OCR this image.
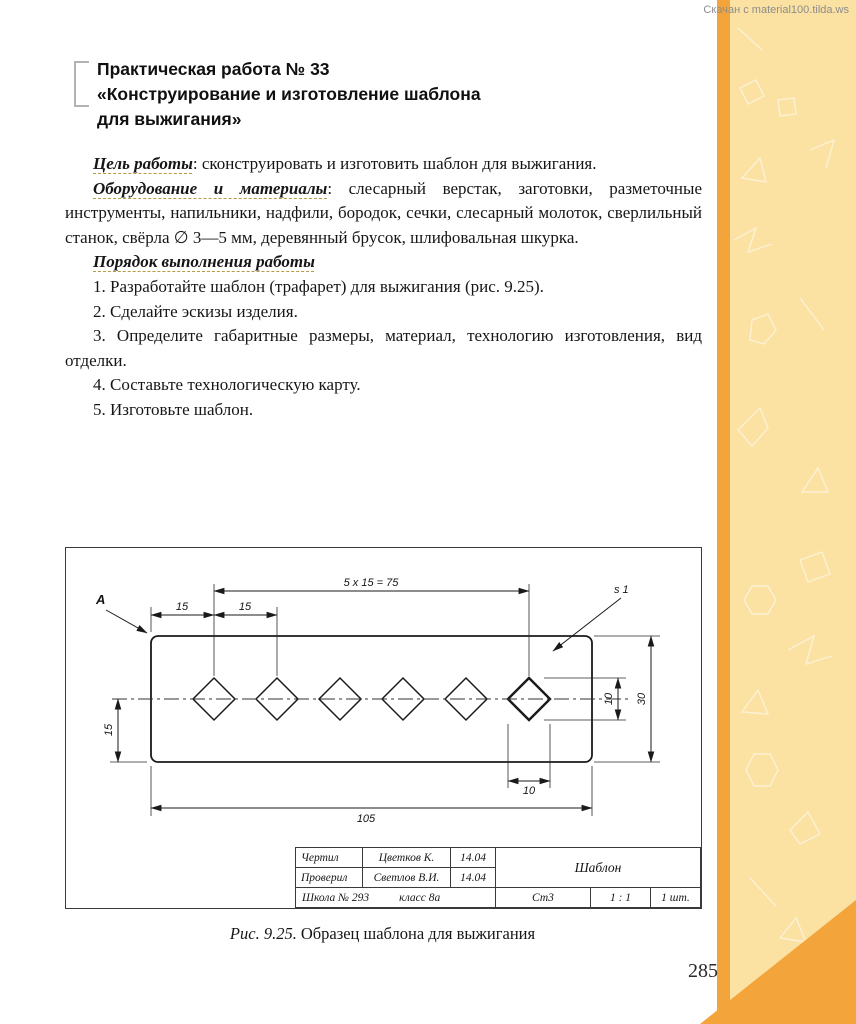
Скачан с material100.tilda.ws
285
Практическая работа № 33
«Конструирование и изготовление шаблона
для выжигания»

Цель работы: сконструировать и изготовить шаблон для выжигания.

Оборудование и материалы: слесарный верстак, заготовки, разметочные инструменты, напильники, надфили, бородок, сечки, слесарный молоток, сверлильный станок, свёрла ∅ 3—5 мм, деревянный брусок, шлифовальная шкурка.

Порядок выполнения работы

1. Разработайте шаблон (трафарет) для выжигания (рис. 9.25).

2. Сделайте эскизы изделия.

3. Определите габаритные размеры, материал, технологию изготовления, вид отделки.

4. Составьте технологическую карту.

5. Изготовьте шаблон.

5 x 15 = 75
15	15
A
s 1
30
10
15
10
105
Чертил	Цветков К.	14.04	Шаблон		
Проверил	Светлов В.И.	14.04			
Школа № 293 класс 8а			Ст3	1 : 1	1 шт.

Рис. 9.25. Образец шаблона для выжигания
